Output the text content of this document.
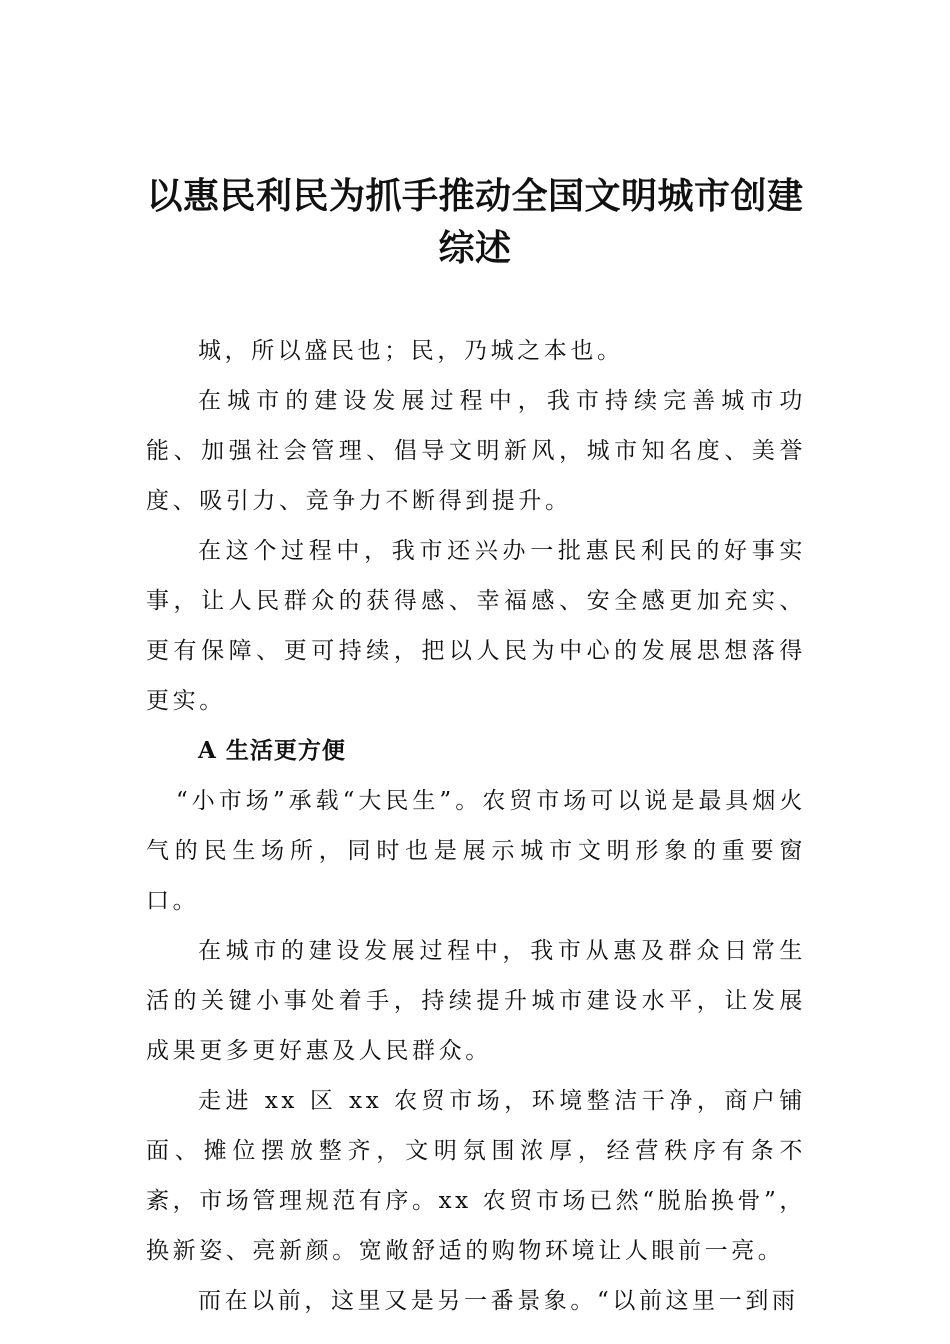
以惠民利民为抓手推动全国文明城市创建
综述

城，所以盛民也；民，乃城之本也。

在城市的建设发展过程中，我市持续完善城市功能、加强社会管理、倡导文明新风，城市知名度、美誉度、吸引力、竞争力不断得到提升。

在这个过程中，我市还兴办一批惠民利民的好事实事，让人民群众的获得感、幸福感、安全感更加充实、更有保障、更可持续，把以人民为中心的发展思想落得更实。

A 生活更方便

“小市场”承载“大民生”。农贸市场可以说是最具烟火气的民生场所，同时也是展示城市文明形象的重要窗口。

在城市的建设发展过程中，我市从惠及群众日常生活的关键小事处着手，持续提升城市建设水平，让发展成果更多更好惠及人民群众。

走进 xx 区 xx 农贸市场，环境整洁干净，商户铺面、摊位摆放整齐，文明氛围浓厚，经营秩序有条不紊，市场管理规范有序。xx 农贸市场已然“脱胎换骨”，换新姿、亮新颜。宽敞舒适的购物环境让人眼前一亮。

而在以前，这里又是另一番景象。“以前这里一到雨
